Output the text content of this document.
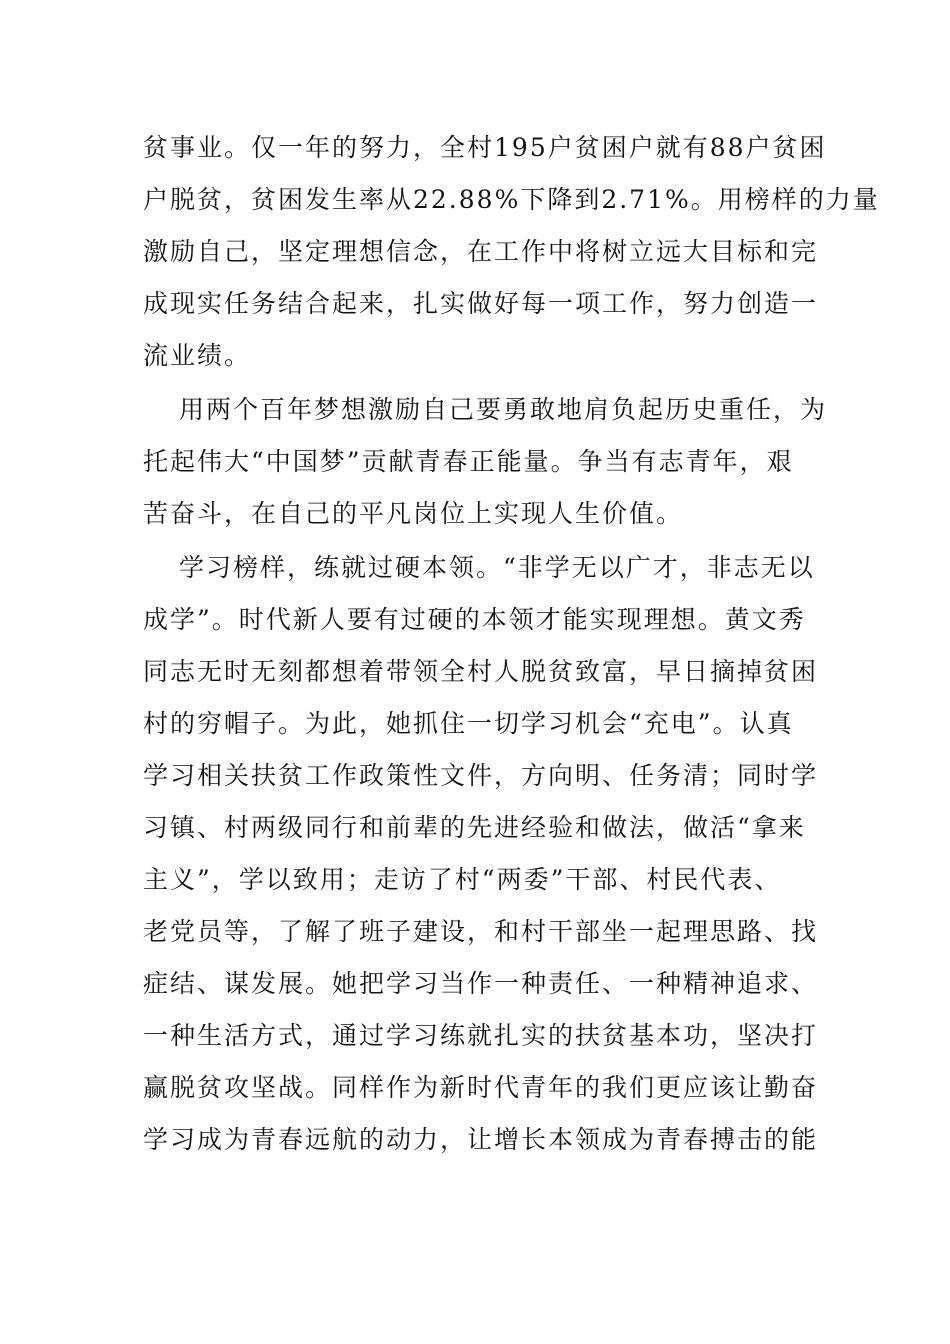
贫事业。仅一年的努力，全村195户贫困户就有88户贫困
户脱贫，贫困发生率从22.88%下降到2.71%。用榜样的力量
激励自己，坚定理想信念，在工作中将树立远大目标和完
成现实任务结合起来，扎实做好每一项工作，努力创造一
流业绩。
用两个百年梦想激励自己要勇敢地肩负起历史重任，为
托起伟大“中国梦”贡献青春正能量。争当有志青年，艰
苦奋斗，在自己的平凡岗位上实现人生价值。
学习榜样，练就过硬本领。“非学无以广才，非志无以
成学”。时代新人要有过硬的本领才能实现理想。黄文秀
同志无时无刻都想着带领全村人脱贫致富，早日摘掉贫困
村的穷帽子。为此，她抓住一切学习机会“充电”。认真
学习相关扶贫工作政策性文件，方向明、任务清；同时学
习镇、村两级同行和前辈的先进经验和做法，做活“拿来
主义”，学以致用；走访了村“两委”干部、村民代表、
老党员等，了解了班子建设，和村干部坐一起理思路、找
症结、谋发展。她把学习当作一种责任、一种精神追求、
一种生活方式，通过学习练就扎实的扶贫基本功，坚决打
赢脱贫攻坚战。同样作为新时代青年的我们更应该让勤奋
学习成为青春远航的动力，让增长本领成为青春搏击的能
